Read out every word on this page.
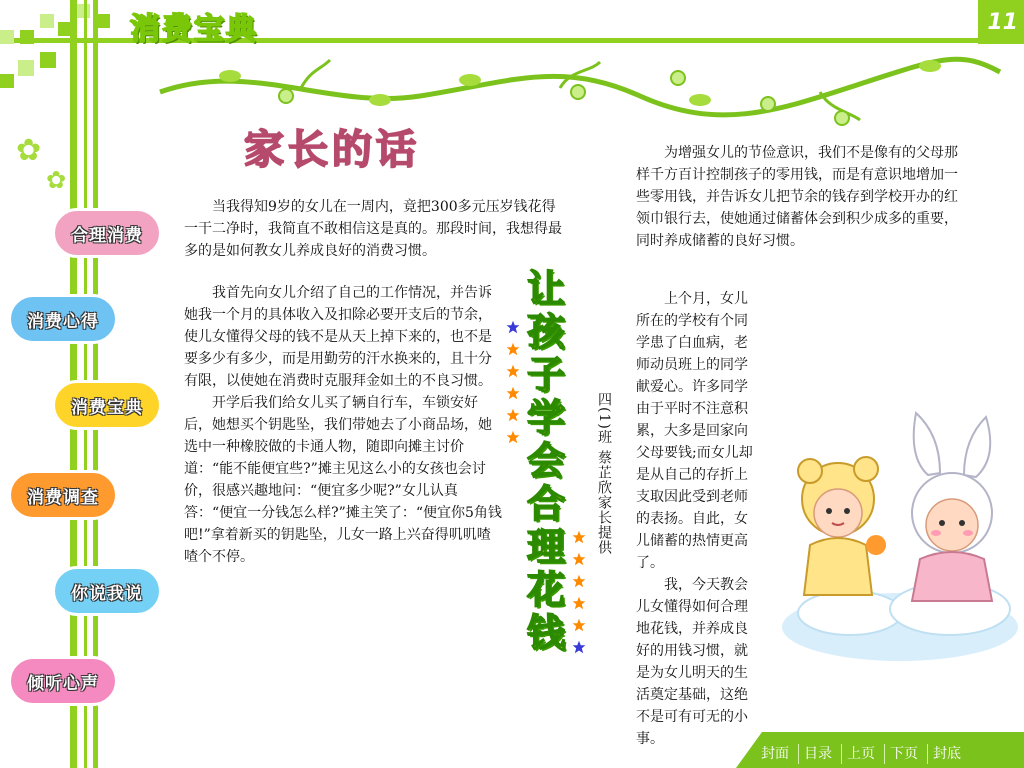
消费宝典	11
✿
✿
合理消费
消费心得
消费宝典
消费调查
你说我说
倾听心声
家长的话

当我得知9岁的女儿在一周内，竟把300多元压岁钱花得一干二净时，我简直不敢相信这是真的。那段时间，我想得最多的是如何教女儿养成良好的消费习惯。

我首先向女儿介绍了自己的工作情况，并告诉她我一个月的具体收入及扣除必要开支后的节余，使儿女懂得父母的钱不是从天上掉下来的，也不是要多少有多少，而是用勤劳的汗水换来的，且十分有限，以使她在消费时克服拜金如土的不良习惯。

开学后我们给女儿买了辆自行车，车锁安好后，她想买个钥匙坠，我们带她去了小商品场，她选中一种橡胶做的卡通人物，随即向摊主讨价道：“能不能便宜些?”摊主见这么小的女孩也会讨价，很感兴趣地问：“便宜多少呢?”女儿认真答：“便宜一分钱怎么样?”摊主笑了：“便宜你5角钱吧!”拿着新买的钥匙坠，儿女一路上兴奋得叽叽喳喳个不停。

让
孩
子
学
会
合
理
花
钱
四(1)班 蔡芷欣家长提供

为增强女儿的节俭意识，我们不是像有的父母那样千方百计控制孩子的零用钱，而是有意识地增加一些零用钱，并告诉女儿把节余的钱存到学校开办的红领巾银行去，使她通过储蓄体会到积少成多的重要，同时养成储蓄的良好习惯。

上个月，女儿所在的学校有个同学患了白血病，老师动员班上的同学献爱心。许多同学由于平时不注意积累，大多是回家向父母要钱;而女儿却是从自己的存折上支取因此受到老师的表扬。自此，女儿储蓄的热情更高了。

我，今天教会儿女懂得如何合理地花钱，并养成良好的用钱习惯，就是为女儿明天的生活奠定基础，这绝不是可有可无的小事。

封面	目录	上页	下页	封底
